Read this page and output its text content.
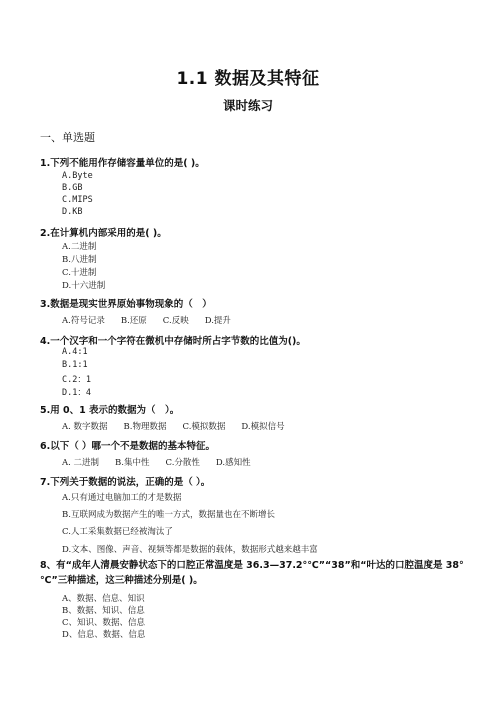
1.1 数据及其特征
课时练习
一、单选题
1.下列不能用作存储容量单位的是( )。
A.Byte
B.GB
C.MIPS
D.KB
2.在计算机内部采用的是( )。
A.二进制
B.八进制
C.十进制
D.十六进制
3.数据是现实世界原始事物现象的（　）
A.符号记录 B.还原 C.反映 D.提升
4.一个汉字和一个字符在微机中存储时所占字节数的比值为()。
A.4:1
B.1:1
C.2：1
D.1：4
5.用 0、1 表示的数据为（　）。
A. 数字数据 B.物理数据 C.模拟数据 D.模拟信号
6.以下（ ）哪一个不是数据的基本特征。
A. 二进制 B.集中性 C.分散性 D.感知性
7.下列关于数据的说法，正确的是（ ）。
A.只有通过电脑加工的才是数据
B.互联网成为数据产生的唯一方式，数据量也在不断增长
C.人工采集数据已经被淘汰了
D.文本、图像、声音、视频等都是数据的载体，数据形式越来越丰富
8、有“成年人清晨安静状态下的口腔正常温度是 36.3—37.2°℃”“38”和“叶达的口腔温度是 38°℃”三种描述，这三种描述分别是( )。
A、数据、信息、知识
B、数据、知识、信息
C、知识、数据、信息
D、信息、数据、信息
